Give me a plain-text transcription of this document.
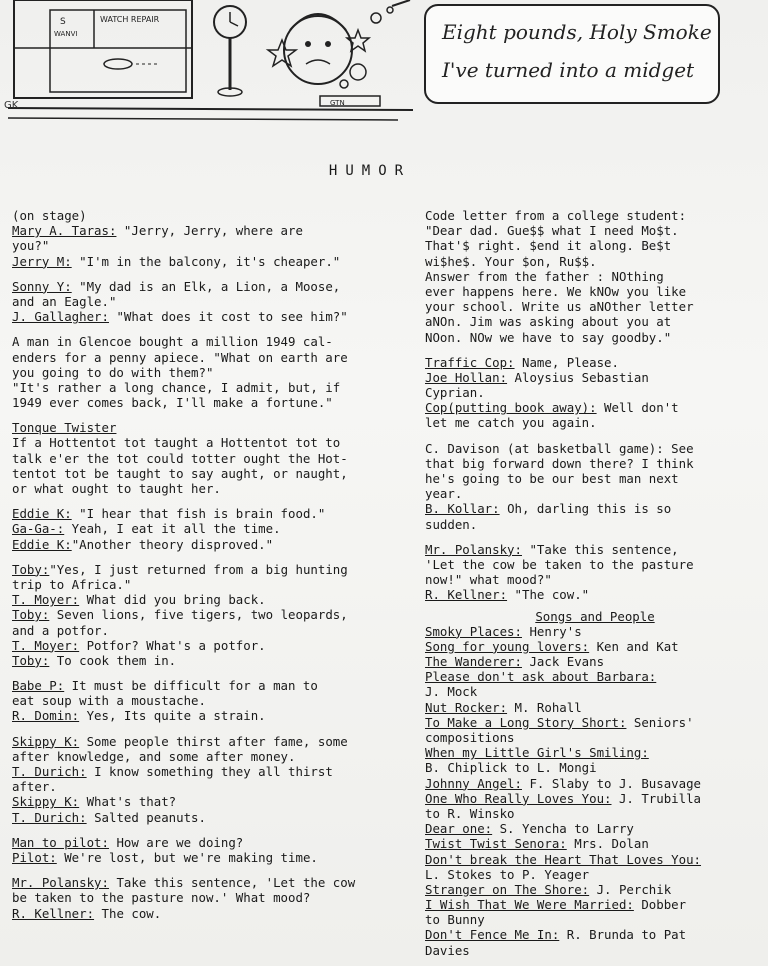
S
WANVI
WATCH REPAIR
GTN
GK
Eight pounds, Holy Smoke
I've turned into a midget
HUMOR
(on stage)
Mary A. Taras: "Jerry, Jerry, where are
you?"
Jerry M: "I'm in the balcony, it's cheaper."
Sonny Y: "My dad is an Elk, a Lion, a Moose,
and an Eagle."
J. Gallagher: "What does it cost to see him?"
A man in Glencoe bought a million 1949 cal-
enders for a penny apiece. "What on earth are
you going to do with them?"
"It's rather a long chance, I admit, but, if
1949 ever comes back, I'll make a fortune."
Tonque Twister
If a Hottentot tot taught a Hottentot tot to
talk e'er the tot could totter ought the Hot-
tentot tot be taught to say aught, or naught,
or what ought to taught her.
Eddie K: "I hear that fish is brain food."
Ga-Ga-: Yeah, I eat it all the time.
Eddie K:"Another theory disproved."
Toby:"Yes, I just returned from a big hunting
trip to Africa."
T. Moyer: What did you bring back.
Toby: Seven lions, five tigers, two leopards,
and a potfor.
T. Moyer: Potfor? What's a potfor.
Toby: To cook them in.
Babe P: It must be difficult for a man to
eat soup with a moustache.
R. Domin: Yes, Its quite a strain.
Skippy K: Some people thirst after fame, some
after knowledge, and some after money.
T. Durich: I know something they all thirst
after.
Skippy K: What's that?
T. Durich: Salted peanuts.
Man to pilot: How are we doing?
Pilot: We're lost, but we're making time.
Mr. Polansky: Take this sentence, 'Let the cow
be taken to the pasture now.' What mood?
R. Kellner: The cow.
Code letter from a college student:
"Dear dad. Gue$$ what I need Mo$t.
That'$ right. $end it along. Be$t
wi$he$. Your $on, Ru$$.
Answer from the father : NOthing
ever happens here. We kNOw you like
your school. Write us aNOther letter
aNOn. Jim was asking about you at
NOon. NOw we have to say goodby."
Traffic Cop: Name, Please.
Joe Hollan: Aloysius Sebastian
Cyprian.
Cop(putting book away): Well don't
let me catch you again.
C. Davison (at basketball game): See
that big forward down there? I think
he's going to be our best man next
year.
B. Kollar: Oh, darling this is so
sudden.
Mr. Polansky: "Take this sentence,
'Let the cow be taken to the pasture
now!" what mood?"
R. Kellner: "The cow."
Songs and People
Smoky Places: Henry's
Song for young lovers: Ken and Kat
The Wanderer: Jack Evans
Please don't ask about Barbara:
J. Mock
Nut Rocker: M. Rohall
To Make a Long Story Short: Seniors'
compositions
When my Little Girl's Smiling:
B. Chiplick to L. Mongi
Johnny Angel: F. Slaby to J. Busavage
One Who Really Loves You: J. Trubilla
to R. Winsko
Dear one: S. Yencha to Larry
Twist Twist Senora: Mrs. Dolan
Don't break the Heart That Loves You:
L. Stokes to P. Yeager
Stranger on The Shore: J. Perchik
I Wish That We Were Married: Dobber
to Bunny
Don't Fence Me In: R. Brunda to Pat
Davies
